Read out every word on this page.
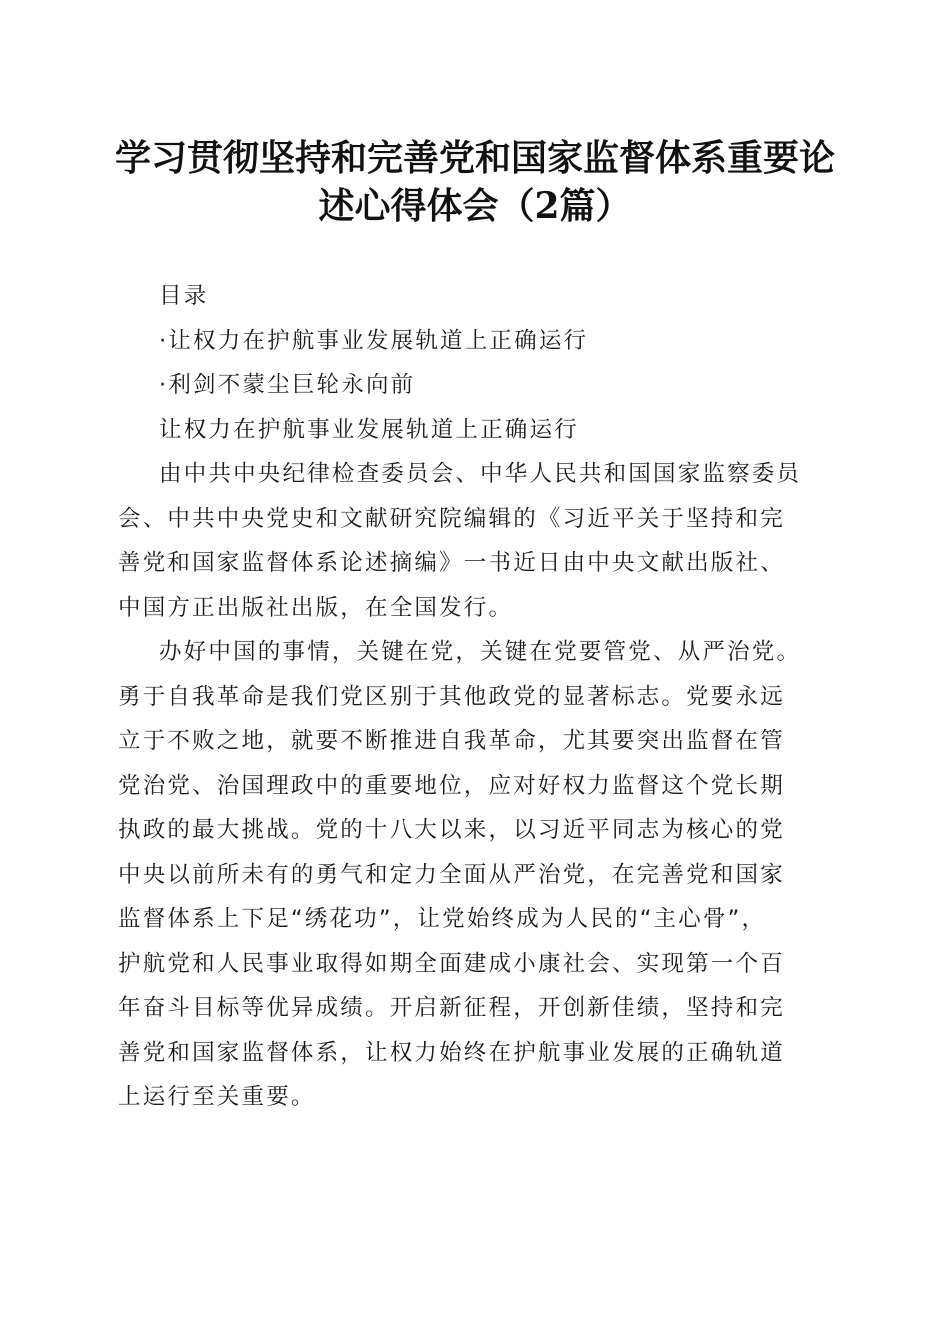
学习贯彻坚持和完善党和国家监督体系重要论
述心得体会（2篇）

目录

·让权力在护航事业发展轨道上正确运行

·利剑不蒙尘巨轮永向前

让权力在护航事业发展轨道上正确运行

由中共中央纪律检查委员会、中华人民共和国国家监察委员
会、中共中央党史和文献研究院编辑的《习近平关于坚持和完
善党和国家监督体系论述摘编》一书近日由中央文献出版社、
中国方正出版社出版，在全国发行。
办好中国的事情，关键在党，关键在党要管党、从严治党。
勇于自我革命是我们党区别于其他政党的显著标志。党要永远
立于不败之地，就要不断推进自我革命，尤其要突出监督在管
党治党、治国理政中的重要地位，应对好权力监督这个党长期
执政的最大挑战。党的十八大以来，以习近平同志为核心的党
中央以前所未有的勇气和定力全面从严治党，在完善党和国家
监督体系上下足“绣花功”，让党始终成为人民的“主心骨”，
护航党和人民事业取得如期全面建成小康社会、实现第一个百
年奋斗目标等优异成绩。开启新征程，开创新佳绩，坚持和完
善党和国家监督体系，让权力始终在护航事业发展的正确轨道
上运行至关重要。
